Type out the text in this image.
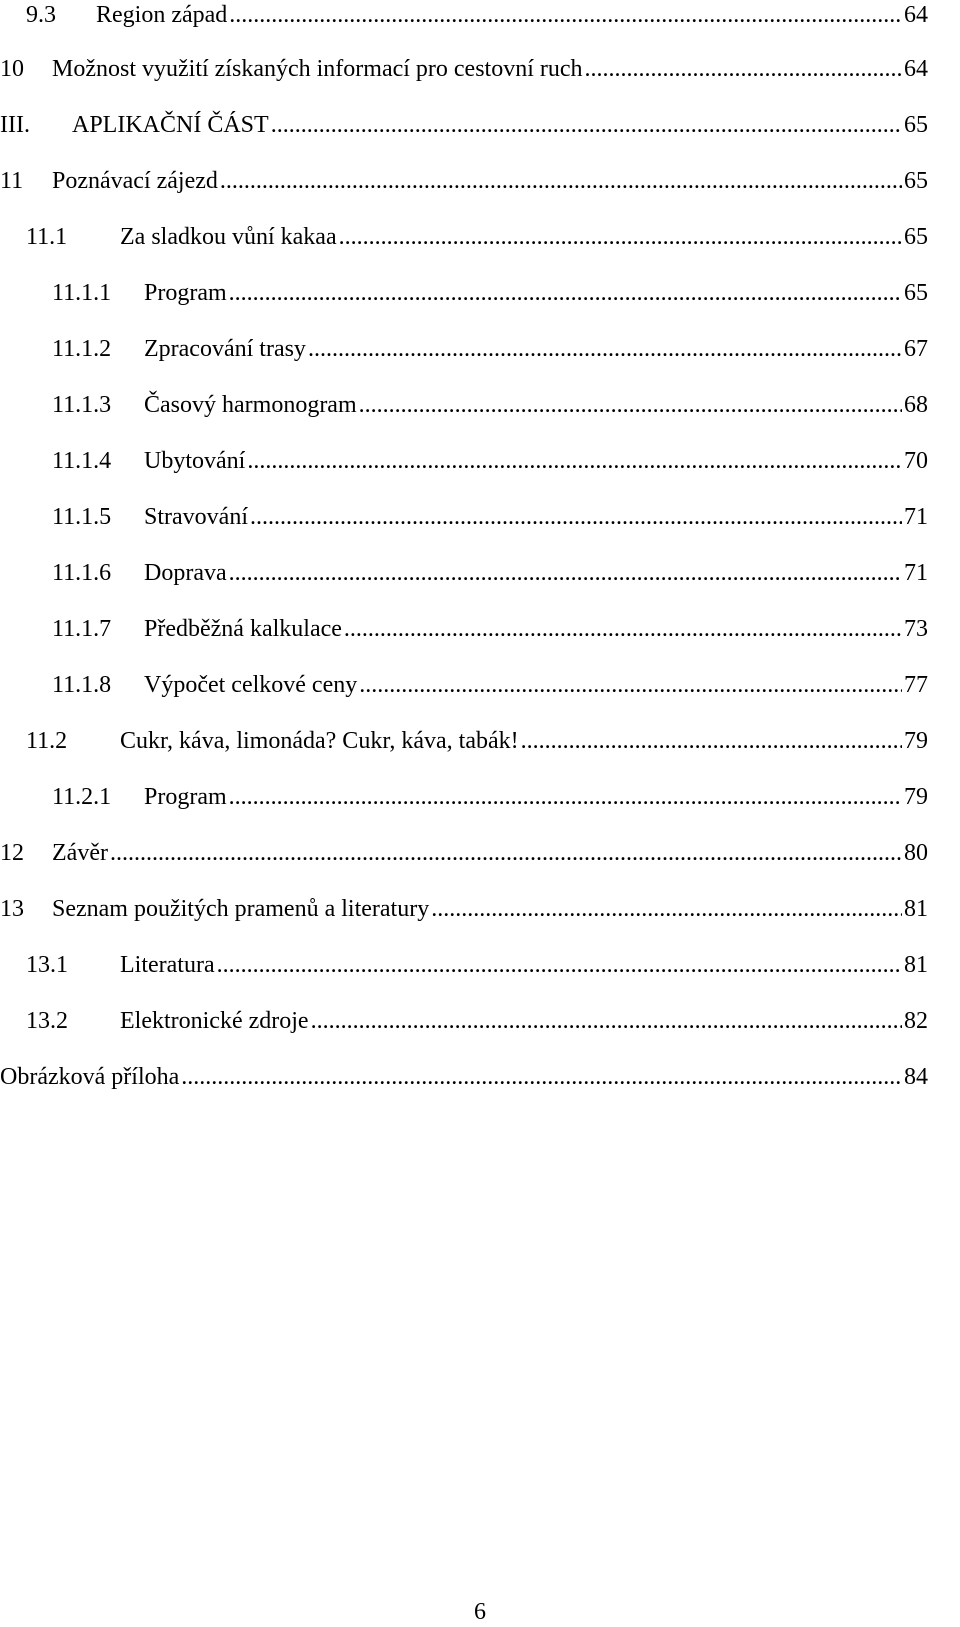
9.3 Region západ .....	64
10 Možnost využití získaných informací pro cestovní ruch .....	64
III. APLIKAČNÍ ČÁST .....	65
11 Poznávací zájezd .....	65
11.1 Za sladkou vůní kakaa .....	65
11.1.1 Program .....	65
11.1.2 Zpracování trasy .....	67
11.1.3 Časový harmonogram .....	68
11.1.4 Ubytování .....	70
11.1.5 Stravování .....	71
11.1.6 Doprava .....	71
11.1.7 Předběžná kalkulace .....	73
11.1.8 Výpočet celkové ceny .....	77
11.2 Cukr, káva, limonáda? Cukr, káva, tabák! .....	79
11.2.1 Program .....	79
12 Závěr .....	80
13 Seznam použitých pramenů a literatury .....	81
13.1 Literatura .....	81
13.2 Elektronické zdroje .....	82
Obrázková příloha .....	84
6
